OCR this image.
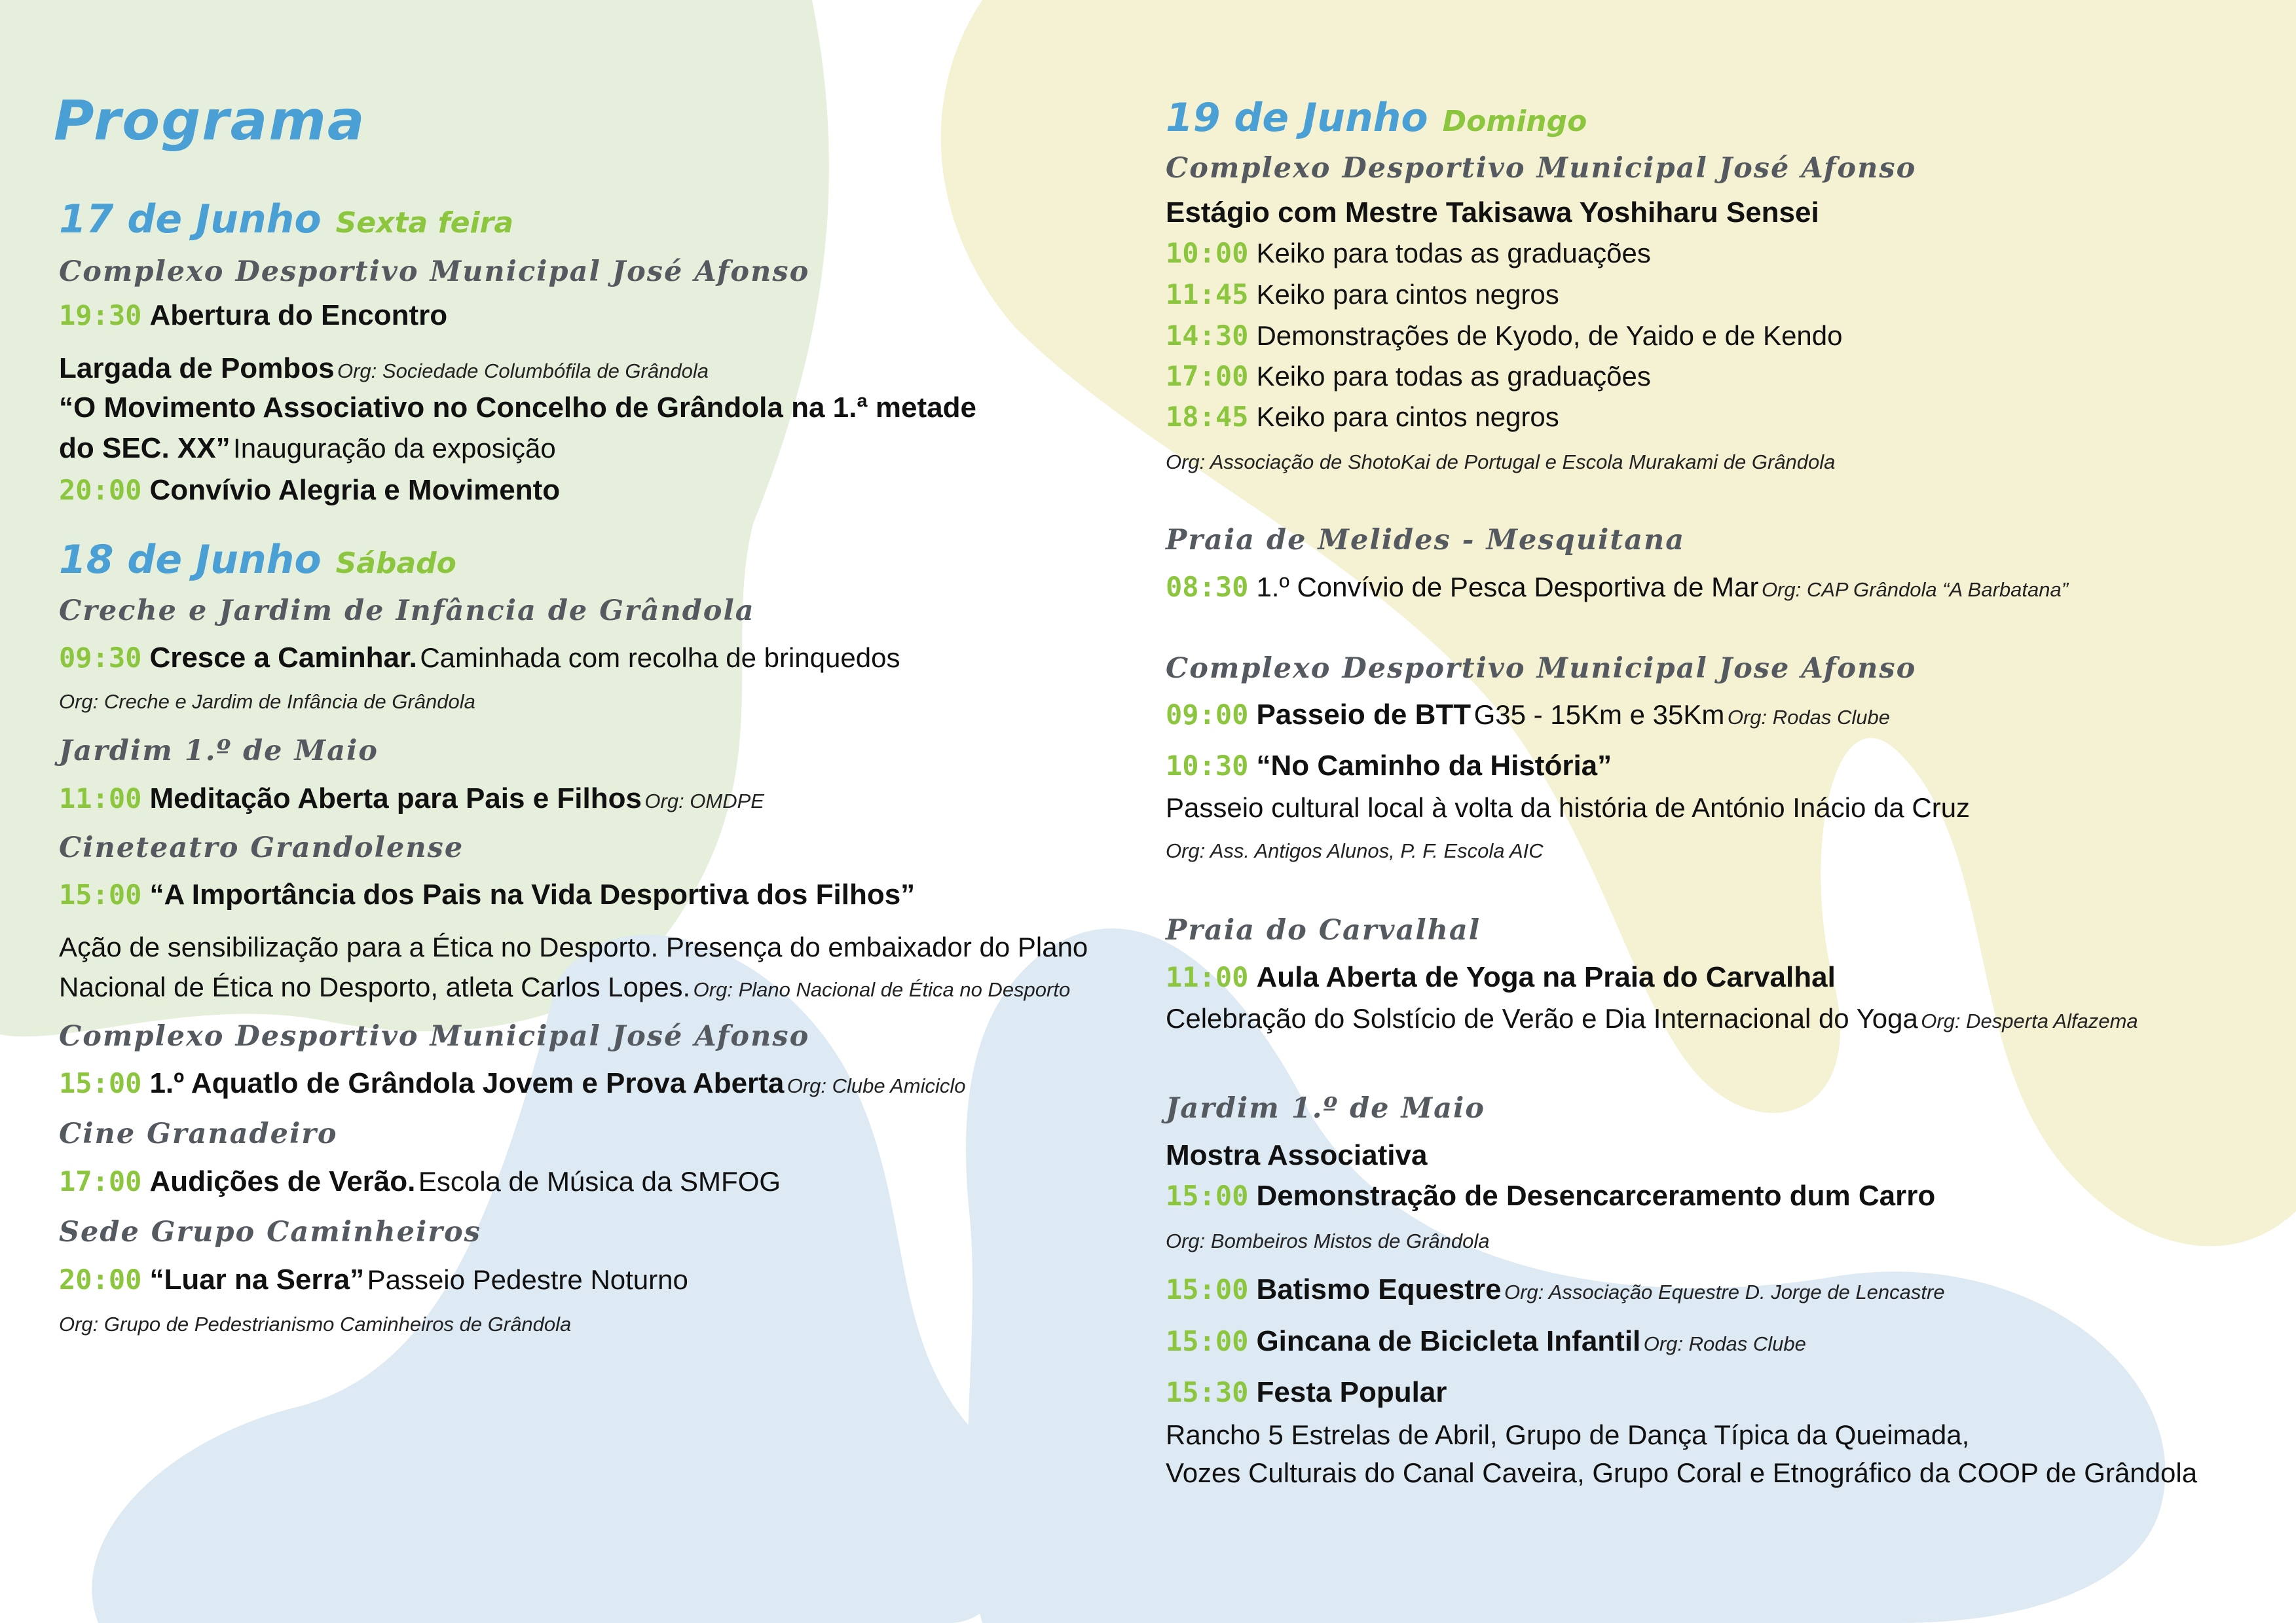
Programa
17 de Junho Sexta feira
Complexo Desportivo Municipal José Afonso
19:30 Abertura do Encontro
Largada de Pombos Org: Sociedade Columbófila de Grândola
“O Movimento Associativo no Concelho de Grândola na 1.ª metade
do SEC. XX” Inauguração da exposição
20:00 Convívio Alegria e Movimento
18 de Junho Sábado
Creche e Jardim de Infância de Grândola
09:30 Cresce a Caminhar. Caminhada com recolha de brinquedos
Org: Creche e Jardim de Infância de Grândola
Jardim 1.º de Maio
11:00 Meditação Aberta para Pais e Filhos Org: OMDPE
Cineteatro Grandolense
15:00 “A Importância dos Pais na Vida Desportiva dos Filhos”
Ação de sensibilização para a Ética no Desporto. Presença do embaixador do Plano
Nacional de Ética no Desporto, atleta Carlos Lopes. Org: Plano Nacional de Ética no Desporto
Complexo Desportivo Municipal José Afonso
15:00 1.º Aquatlo de Grândola Jovem e Prova Aberta Org: Clube Amiciclo
Cine Granadeiro
17:00 Audições de Verão. Escola de Música da SMFOG
Sede Grupo Caminheiros
20:00 “Luar na Serra” Passeio Pedestre Noturno
Org: Grupo de Pedestrianismo Caminheiros de Grândola
19 de Junho Domingo
Complexo Desportivo Municipal José Afonso
Estágio com Mestre Takisawa Yoshiharu Sensei
10:00 Keiko para todas as graduações
11:45 Keiko para cintos negros
14:30 Demonstrações de Kyodo, de Yaido e de Kendo
17:00 Keiko para todas as graduações
18:45 Keiko para cintos negros
Org: Associação de ShotoKai de Portugal e Escola Murakami de Grândola
Praia de Melides - Mesquitana
08:30 1.º Convívio de Pesca Desportiva de Mar Org: CAP Grândola “A Barbatana”
Complexo Desportivo Municipal Jose Afonso
09:00 Passeio de BTT G35 - 15Km e 35Km Org: Rodas Clube
10:30 “No Caminho da História”
Passeio cultural local à volta da história de António Inácio da Cruz
Org: Ass. Antigos Alunos, P. F. Escola AIC
Praia do Carvalhal
11:00 Aula Aberta de Yoga na Praia do Carvalhal
Celebração do Solstício de Verão e Dia Internacional do Yoga Org: Desperta Alfazema
Jardim 1.º de Maio
Mostra Associativa
15:00 Demonstração de Desencarceramento dum Carro
Org: Bombeiros Mistos de Grândola
15:00 Batismo Equestre Org: Associação Equestre D. Jorge de Lencastre
15:00 Gincana de Bicicleta Infantil Org: Rodas Clube
15:30 Festa Popular
Rancho 5 Estrelas de Abril, Grupo de Dança Típica da Queimada,
Vozes Culturais do Canal Caveira, Grupo Coral e Etnográfico da COOP de Grândola
